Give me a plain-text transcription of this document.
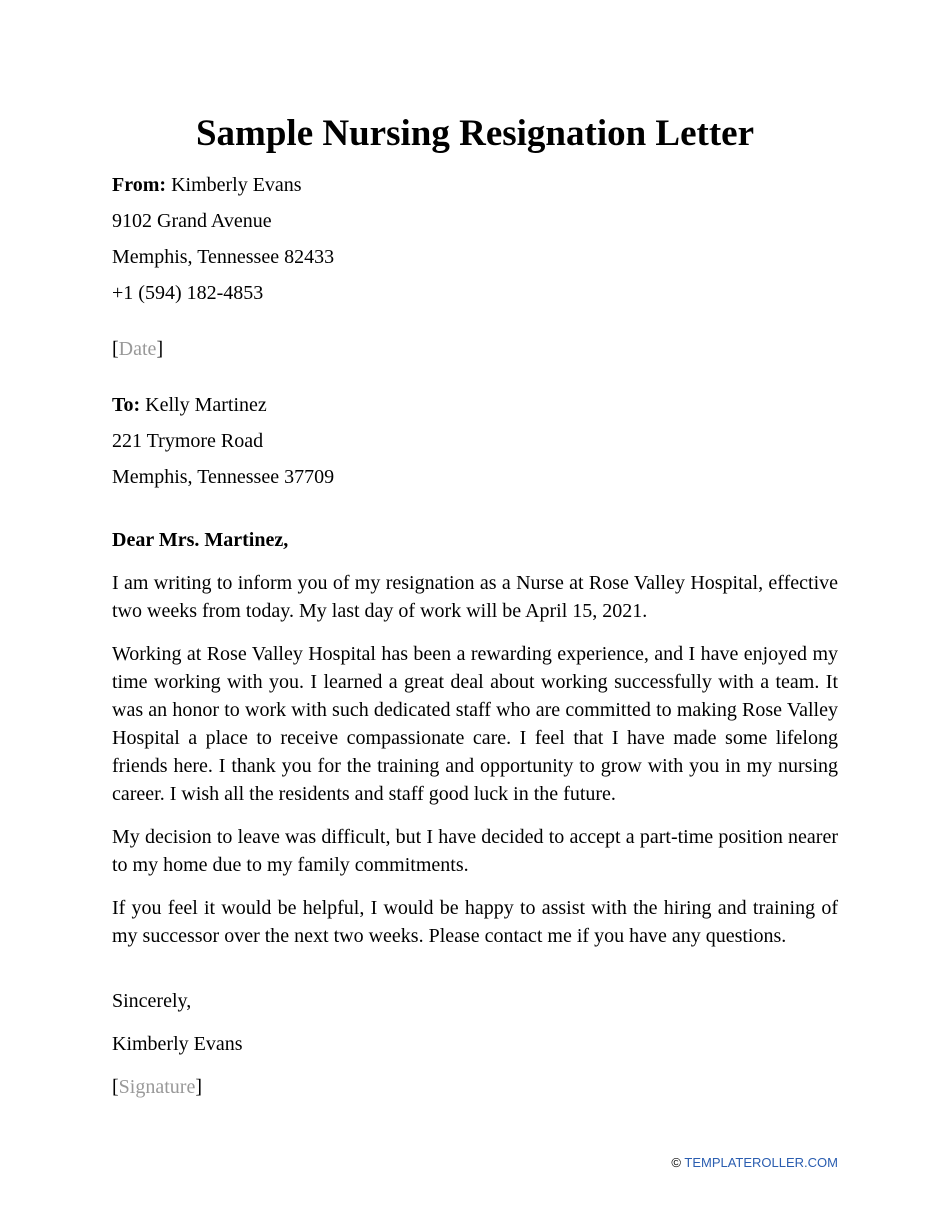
Sample Nursing Resignation Letter
From: Kimberly Evans
9102 Grand Avenue
Memphis, Tennessee 82433
+1 (594) 182-4853
[Date]
To: Kelly Martinez
221 Trymore Road
Memphis, Tennessee 37709
Dear Mrs. Martinez,

I am writing to inform you of my resignation as a Nurse at Rose Valley Hospital, effective two weeks from today. My last day of work will be April 15, 2021.

Working at Rose Valley Hospital has been a rewarding experience, and I have enjoyed my time working with you. I learned a great deal about working successfully with a team. It was an honor to work with such dedicated staff who are committed to making Rose Valley Hospital a place to receive compassionate care. I feel that I have made some lifelong friends here. I thank you for the training and opportunity to grow with you in my nursing career. I wish all the residents and staff good luck in the future.

My decision to leave was difficult, but I have decided to accept a part-time position nearer to my home due to my family commitments.

If you feel it would be helpful, I would be happy to assist with the hiring and training of my successor over the next two weeks. Please contact me if you have any questions.

Sincerely,
Kimberly Evans
[Signature]
© TEMPLATEROLLER.COM
